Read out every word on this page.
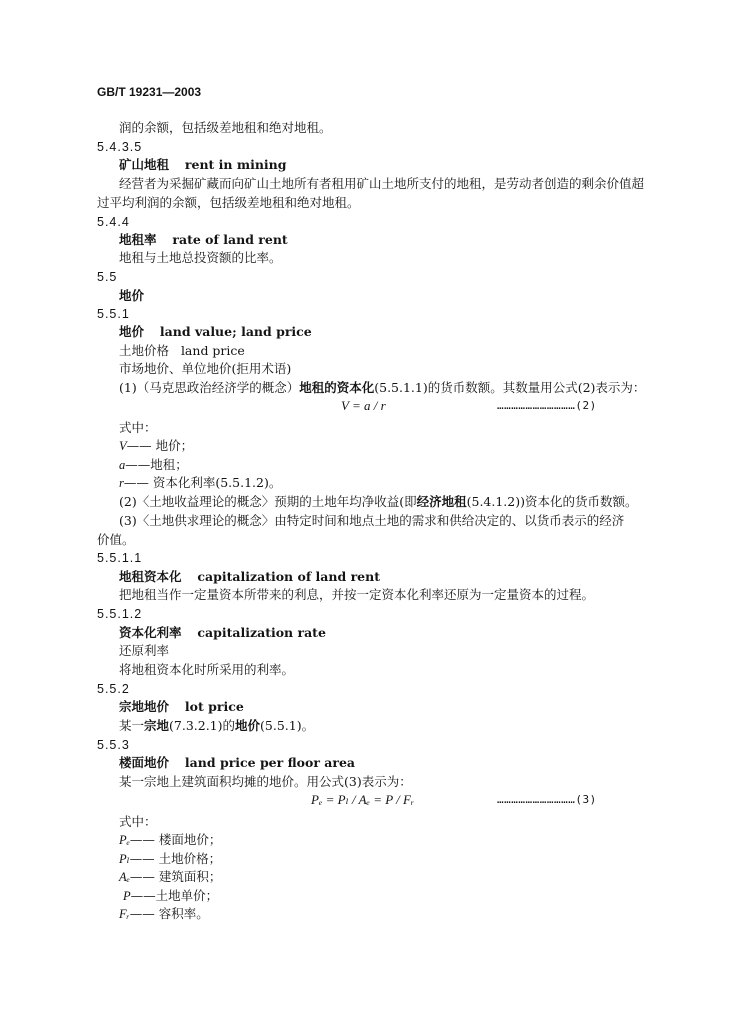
GB/T 19231—2003
润的余额，包括级差地租和绝对地租。
5.4.3.5
矿山地租 rent in mining
经营者为采掘矿藏而向矿山土地所有者租用矿山土地所支付的地租，是劳动者创造的剩余价值超
过平均利润的余额，包括级差地租和绝对地租。
5.4.4
地租率 rate of land rent
地租与土地总投资额的比率。
5.5
地价
5.5.1
地价 land value; land price
土地价格 land price
市场地价、单位地价(拒用术语)
(1)（马克思政治经济学的概念）地租的资本化(5.5.1.1)的货币数额。其数量用公式(2)表示为：
V = a / r	……………………………(2)
式中：
V—— 地价；
a——地租；
r—— 资本化利率(5.5.1.2)。
(2)〈土地收益理论的概念〉预期的土地年均净收益(即经济地租(5.4.1.2))资本化的货币数额。
(3)〈土地供求理论的概念〉由特定时间和地点土地的需求和供给决定的、以货币表示的经济
价值。
5.5.1.1
地租资本化 capitalization of land rent
把地租当作一定量资本所带来的利息，并按一定资本化利率还原为一定量资本的过程。
5.5.1.2
资本化利率 capitalization rate
还原利率
将地租资本化时所采用的利率。
5.5.2
宗地地价 lot price
某一宗地(7.3.2.1)的地价(5.5.1)。
5.5.3
楼面地价 land price per floor area
某一宗地上建筑面积均摊的地价。用公式(3)表示为：
Pₑ = Pₗ / Aₑ = P / Fᵣ	……………………………(3)
式中：
Pₑ—— 楼面地价；
Pₗ—— 土地价格；
Aₑ—— 建筑面积；
P——土地单价；
Fᵣ—— 容积率。
